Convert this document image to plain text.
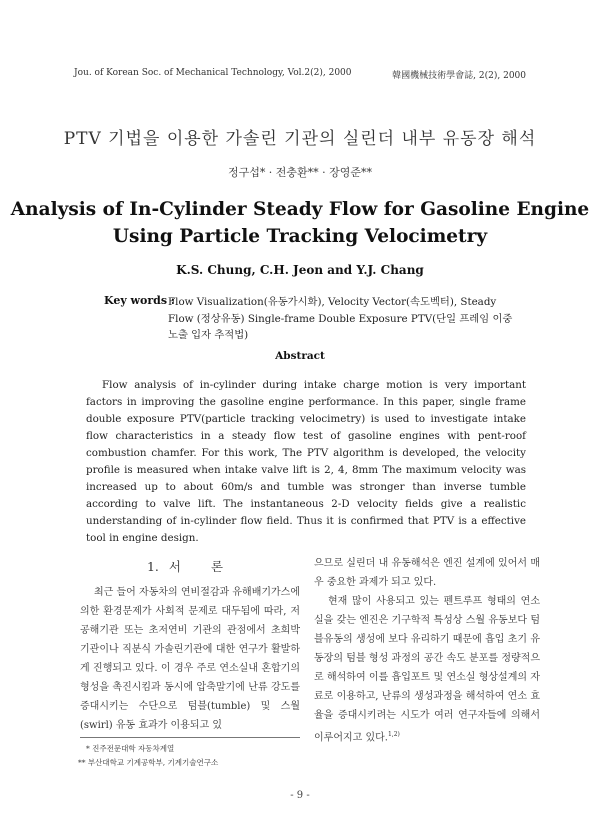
Jou. of Korean Soc. of Mechanical Technology, Vol.2(2), 2000	韓國機械技術學會誌, 2(2), 2000
PTV 기법을 이용한 가솔린 기관의 실린더 내부 유동장 해석
정구섭* · 전충환** · 장영준**
Analysis of In-Cylinder Steady Flow for Gasoline Engine Using Particle Tracking Velocimetry
K.S. Chung, C.H. Jeon and Y.J. Chang
Key words :
Flow Visualization(유동가시화), Velocity Vector(속도벡터), Steady Flow (정상유동) Single-frame Double Exposure PTV(단일 프레임 이중 노출 입자 추적법)
Abstract

Flow analysis of in-cylinder during intake charge motion is very important factors in improving the gasoline engine performance. In this paper, single frame double exposure PTV(particle tracking velocimetry) is used to investigate intake flow characteristics in a steady flow test of gasoline engines with pent-roof combustion chamfer. For this work, The PTV algorithm is developed, the velocity profile is measured when intake valve lift is 2, 4, 8mm The maximum velocity was increased up to about 60m/s and tumble was stronger than inverse tumble according to valve lift. The instantaneous 2-D velocity fields give a realistic understanding of in-cylinder flow field. Thus it is confirmed that PTV is a effective tool in engine design.

1. 서 론

최근 들어 자동차의 연비절감과 유해배기가스에 의한 환경문제가 사회적 문제로 대두됨에 따라, 저공해기관 또는 초저연비 기관의 관점에서 초희박 기관이나 직분식 가솔린기관에 대한 연구가 활발하게 진행되고 있다. 이 경우 주로 연소실내 혼합기의 형성을 촉진시킴과 동시에 압축말기에 난류 강도를 증대시키는 수단으로 텀블(tumble) 및 스월(swirl) 유동 효과가 이용되고 있

으므로 실린더 내 유동해석은 엔진 설계에 있어서 매우 중요한 과제가 되고 있다.

현재 많이 사용되고 있는 펜트루프 형태의 연소실을 갖는 엔진은 기구학적 특성상 스월 유동보다 텀블유동의 생성에 보다 유리하기 때문에 흡입 초기 유동장의 텀블 형성 과정의 공간 속도 분포를 정량적으로 해석하여 이를 흡입포트 및 연소실 형상설계의 자료로 이용하고, 난류의 생성과정을 해석하여 연소 효율을 증대시키려는 시도가 여러 연구자들에 의해서 이루어지고 있다.$^{1,2)}$

* 진주전문대학 자동차계열
** 부산대학교 기계공학부, 기계기술연구소
- 9 -
